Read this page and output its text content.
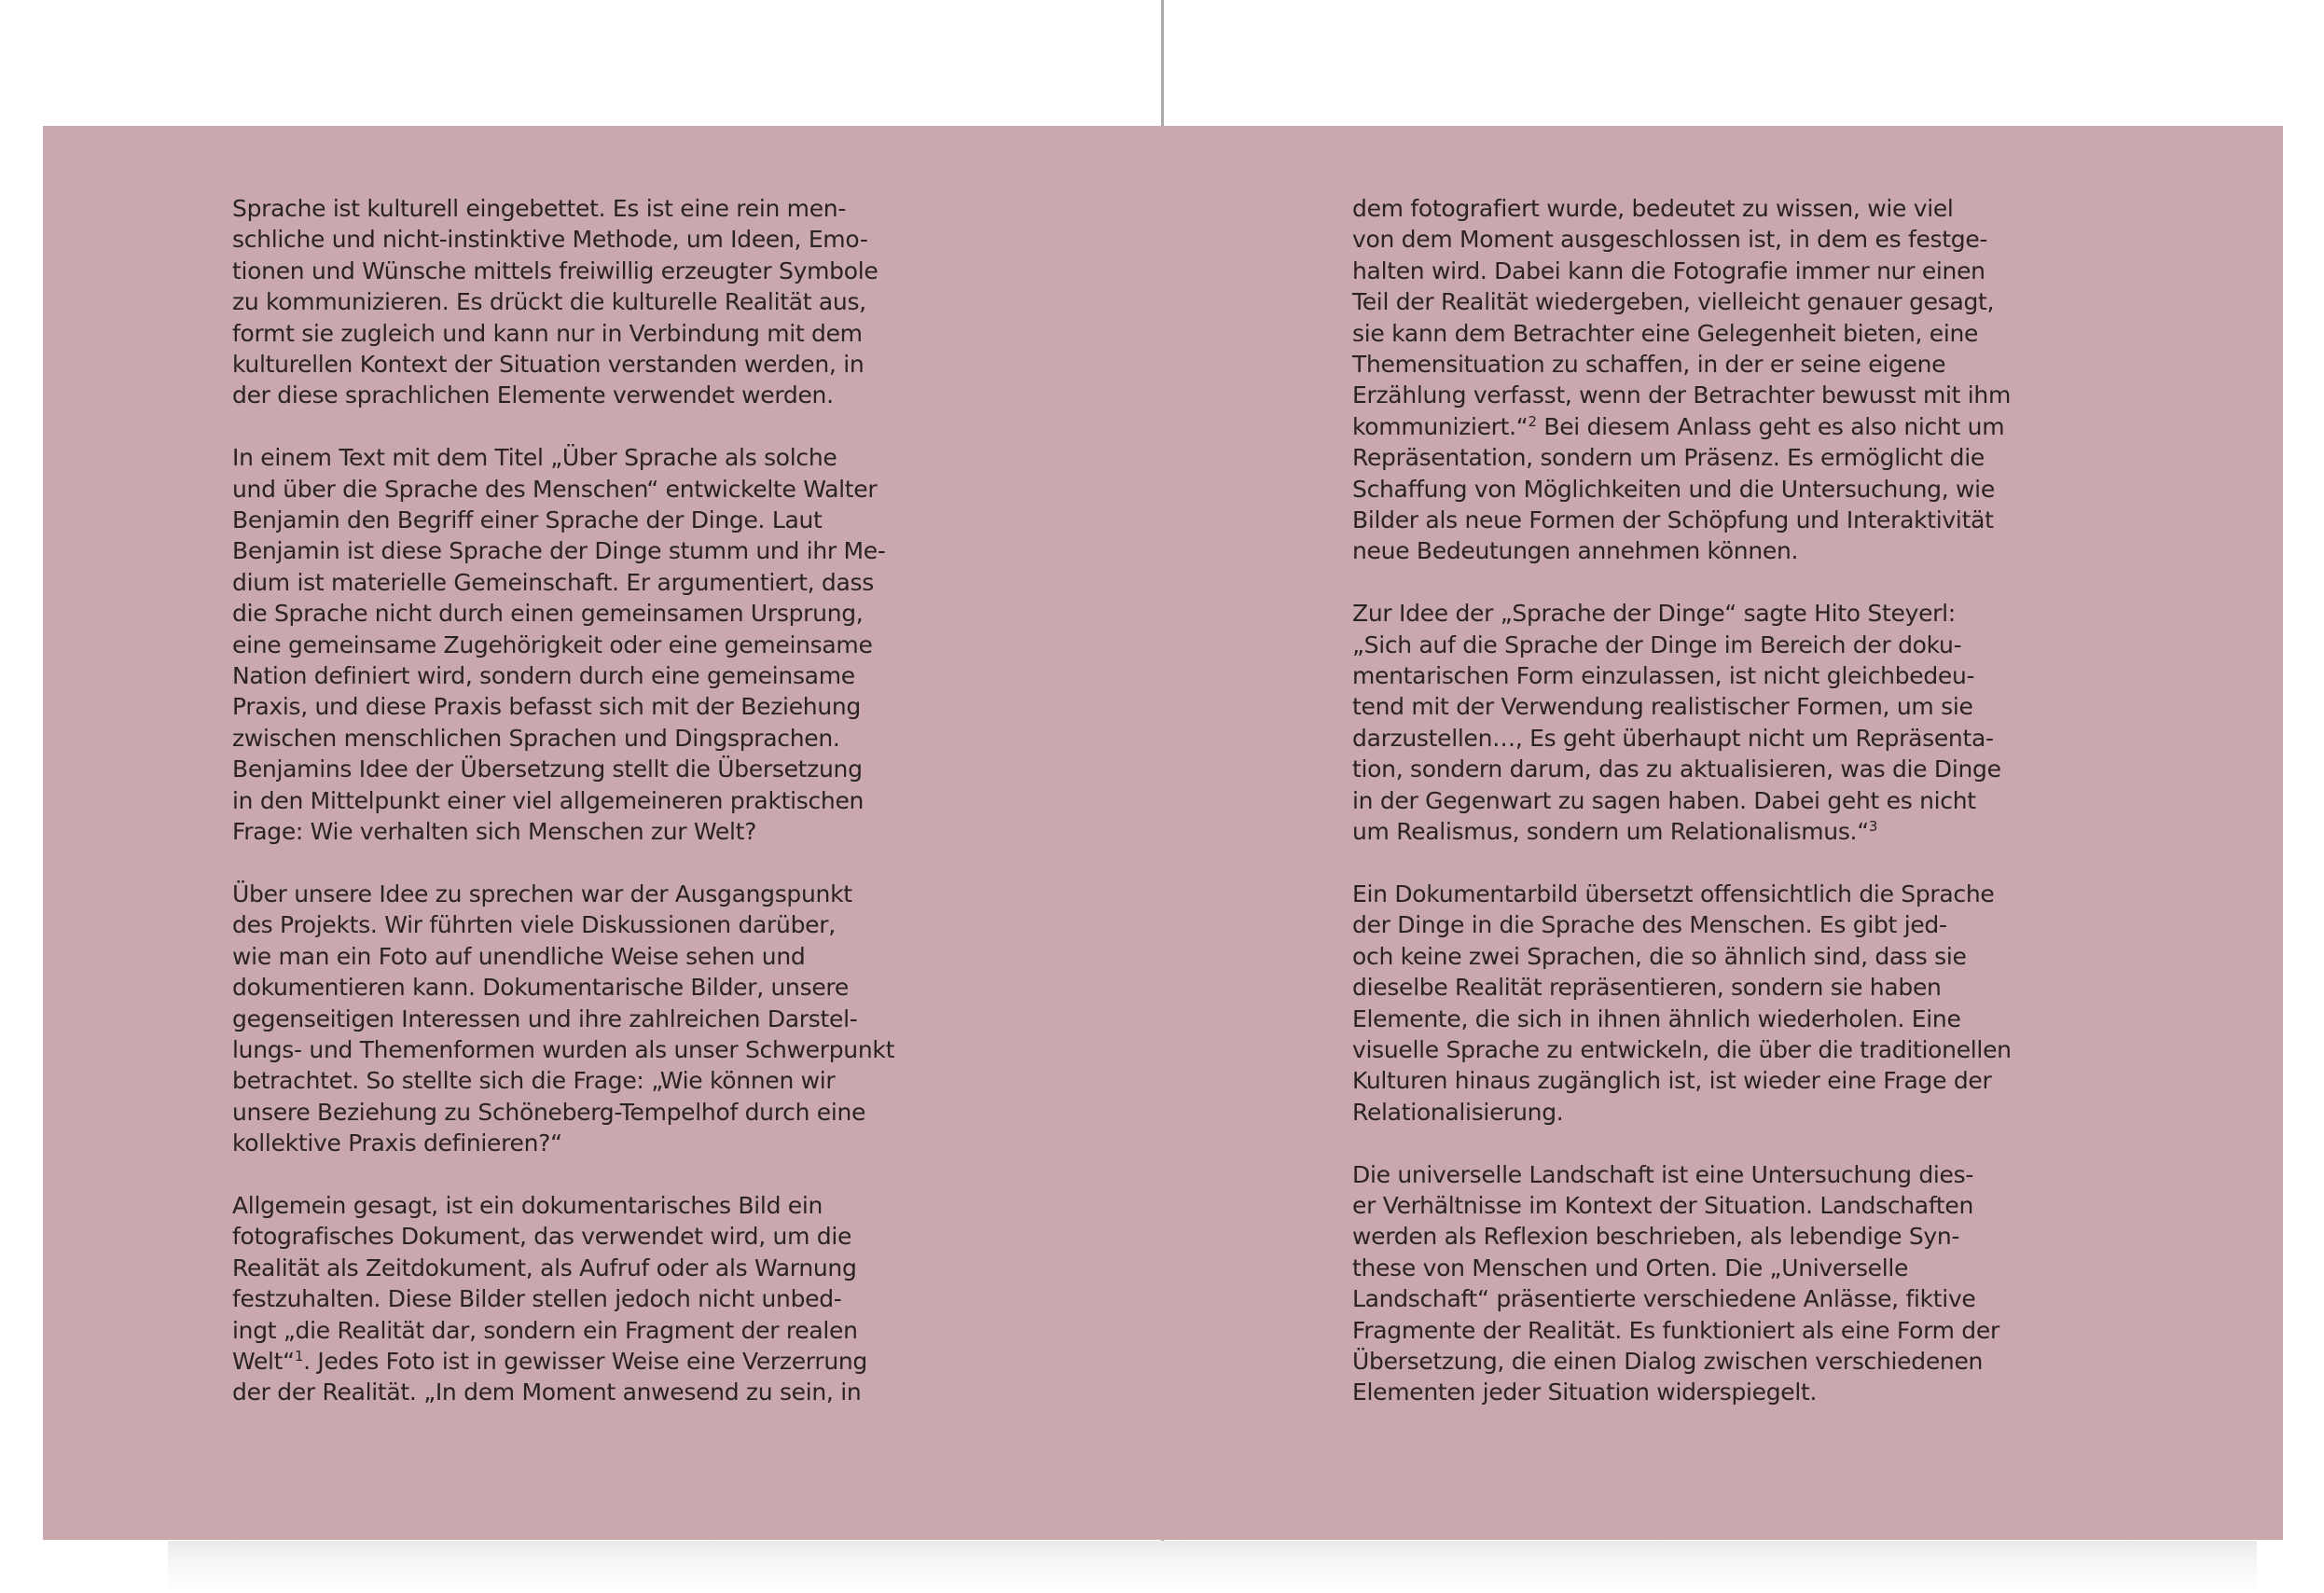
Sprache ist kulturell eingebettet. Es ist eine rein men-
schliche und nicht-instinktive Methode, um Ideen, Emo-
tionen und Wünsche mittels freiwillig erzeugter Symbole
zu kommunizieren. Es drückt die kulturelle Realität aus,
formt sie zugleich und kann nur in Verbindung mit dem
kulturellen Kontext der Situation verstanden werden, in
der diese sprachlichen Elemente verwendet werden.
In einem Text mit dem Titel „Über Sprache als solche
und über die Sprache des Menschen“ entwickelte Walter
Benjamin den Begriff einer Sprache der Dinge. Laut
Benjamin ist diese Sprache der Dinge stumm und ihr Me-
dium ist materielle Gemeinschaft. Er argumentiert, dass
die Sprache nicht durch einen gemeinsamen Ursprung,
eine gemeinsame Zugehörigkeit oder eine gemeinsame
Nation definiert wird, sondern durch eine gemeinsame
Praxis, und diese Praxis befasst sich mit der Beziehung
zwischen menschlichen Sprachen und Dingsprachen.
Benjamins Idee der Übersetzung stellt die Übersetzung
in den Mittelpunkt einer viel allgemeineren praktischen
Frage: Wie verhalten sich Menschen zur Welt?
Über unsere Idee zu sprechen war der Ausgangspunkt
des Projekts. Wir führten viele Diskussionen darüber,
wie man ein Foto auf unendliche Weise sehen und
dokumentieren kann. Dokumentarische Bilder, unsere
gegenseitigen Interessen und ihre zahlreichen Darstel-
lungs- und Themenformen wurden als unser Schwerpunkt
betrachtet. So stellte sich die Frage: „Wie können wir
unsere Beziehung zu Schöneberg-Tempelhof durch eine
kollektive Praxis definieren?“
Allgemein gesagt, ist ein dokumentarisches Bild ein
fotografisches Dokument, das verwendet wird, um die
Realität als Zeitdokument, als Aufruf oder als Warnung
festzuhalten. Diese Bilder stellen jedoch nicht unbed-
ingt „die Realität dar, sondern ein Fragment der realen
Welt“$^1$. Jedes Foto ist in gewisser Weise eine Verzerrung
der der Realität. „In dem Moment anwesend zu sein, in
dem fotografiert wurde, bedeutet zu wissen, wie viel
von dem Moment ausgeschlossen ist, in dem es festge-
halten wird. Dabei kann die Fotografie immer nur einen
Teil der Realität wiedergeben, vielleicht genauer gesagt,
sie kann dem Betrachter eine Gelegenheit bieten, eine
Themensituation zu schaffen, in der er seine eigene
Erzählung verfasst, wenn der Betrachter bewusst mit ihm
kommuniziert.“$^2$ Bei diesem Anlass geht es also nicht um
Repräsentation, sondern um Präsenz. Es ermöglicht die
Schaffung von Möglichkeiten und die Untersuchung, wie
Bilder als neue Formen der Schöpfung und Interaktivität
neue Bedeutungen annehmen können.
Zur Idee der „Sprache der Dinge“ sagte Hito Steyerl:
„Sich auf die Sprache der Dinge im Bereich der doku-
mentarischen Form einzulassen, ist nicht gleichbedeu-
tend mit der Verwendung realistischer Formen, um sie
darzustellen…, Es geht überhaupt nicht um Repräsenta-
tion, sondern darum, das zu aktualisieren, was die Dinge
in der Gegenwart zu sagen haben. Dabei geht es nicht
um Realismus, sondern um Relationalismus.“$^3$
Ein Dokumentarbild übersetzt offensichtlich die Sprache
der Dinge in die Sprache des Menschen. Es gibt jed-
och keine zwei Sprachen, die so ähnlich sind, dass sie
dieselbe Realität repräsentieren, sondern sie haben
Elemente, die sich in ihnen ähnlich wiederholen. Eine
visuelle Sprache zu entwickeln, die über die traditionellen
Kulturen hinaus zugänglich ist, ist wieder eine Frage der
Relationalisierung.
Die universelle Landschaft ist eine Untersuchung dies-
er Verhältnisse im Kontext der Situation. Landschaften
werden als Reflexion beschrieben, als lebendige Syn-
these von Menschen und Orten. Die „Universelle
Landschaft“ präsentierte verschiedene Anlässe, fiktive
Fragmente der Realität. Es funktioniert als eine Form der
Übersetzung, die einen Dialog zwischen verschiedenen
Elementen jeder Situation widerspiegelt.
